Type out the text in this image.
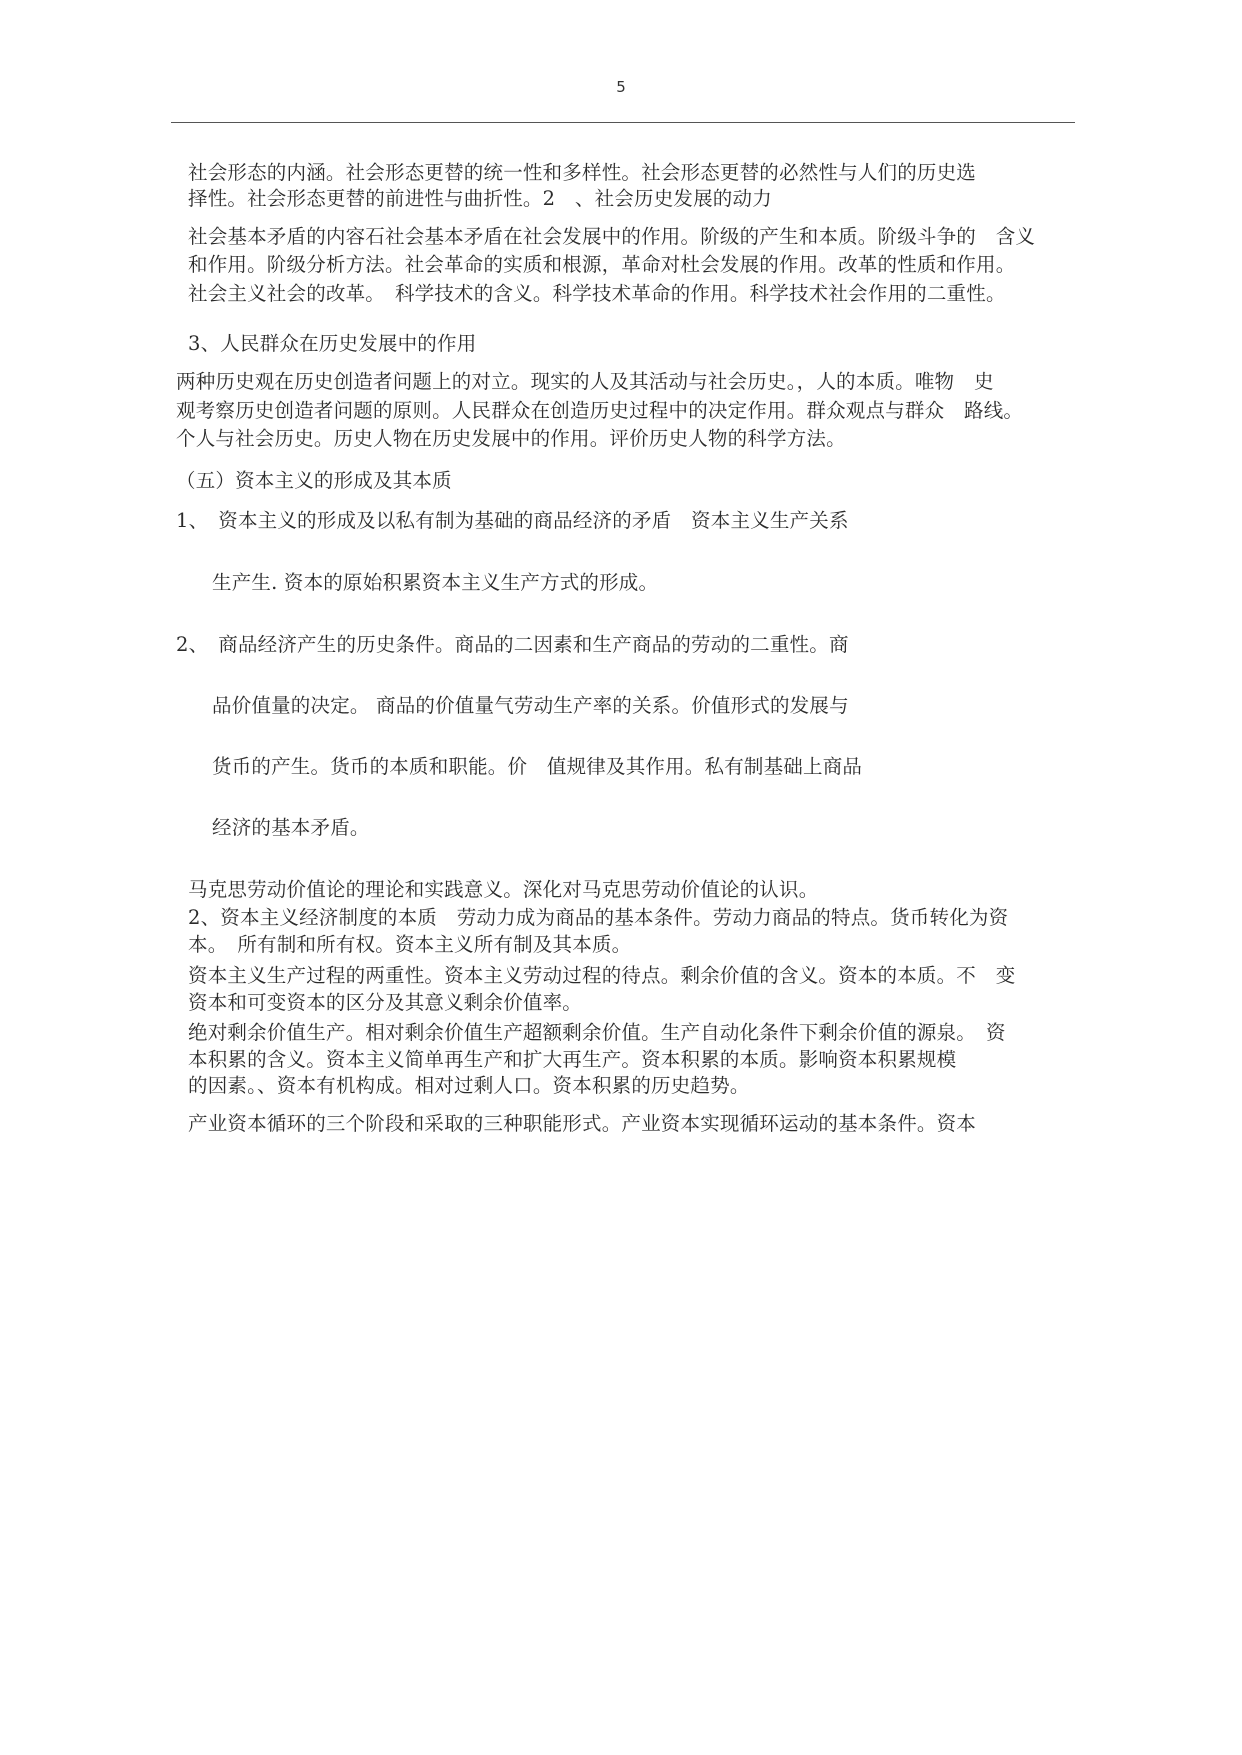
5
社会形态的内涵。社会形态更替的统一性和多样性。社会形态更替的必然性与人们的历史选
择性。社会形态更替的前进性与曲折性。2　、社会历史发展的动力
社会基本矛盾的内容石社会基本矛盾在社会发展中的作用。阶级的产生和本质。阶级斗争的　含义
和作用。阶级分析方法。社会革命的实质和根源，革命对杜会发展的作用。改革的性质和作用。
社会主义社会的改革。　科学技术的含义。科学技术革命的作用。科学技术社会作用的二重性。
3、人民群众在历史发展中的作用
两种历史观在历史创造者问题上的对立。现实的人及其活动与社会历史。，人的本质。唯物　史
观考察历史创造者问题的原则。人民群众在创造历史过程中的决定作用。群众观点与群众　路线。
个人与社会历史。历史人物在历史发展中的作用。评价历史人物的科学方法。
（五）资本主义的形成及其本质
1、　资本主义的形成及以私有制为基础的商品经济的矛盾　资本主义生产关系
生产生. 资本的原始积累资本主义生产方式的形成。
2、　商品经济产生的历史条件。商品的二因素和生产商品的劳动的二重性。商
品价值量的决定。 商品的价值量气劳动生产率的关系。价值形式的发展与
货币的产生。货币的本质和职能。价　值规律及其作用。私有制基础上商品
经济的基本矛盾。
马克思劳动价值论的理论和实践意义。深化对马克思劳动价值论的认识。
2、资本主义经济制度的本质　劳动力成为商品的基本条件。劳动力商品的特点。货币转化为资
本。　所有制和所有权。资本主义所有制及其本质。
资本主义生产过程的两重性。资本主义劳动过程的待点。剩余价值的含义。资本的本质。不　变
资本和可变资本的区分及其意义剩余价值率。
绝对剩余价值生产。相对剩余价值生产超额剩余价值。生产自动化条件下剩余价值的源泉。　资
本积累的含义。资本主义简单再生产和扩大再生产。资本积累的本质。影响资本积累规模
的因素。、资本有机构成。相对过剩人口。资本积累的历史趋势。
产业资本循环的三个阶段和采取的三种职能形式。产业资本实现循环运动的基本条件。资本
